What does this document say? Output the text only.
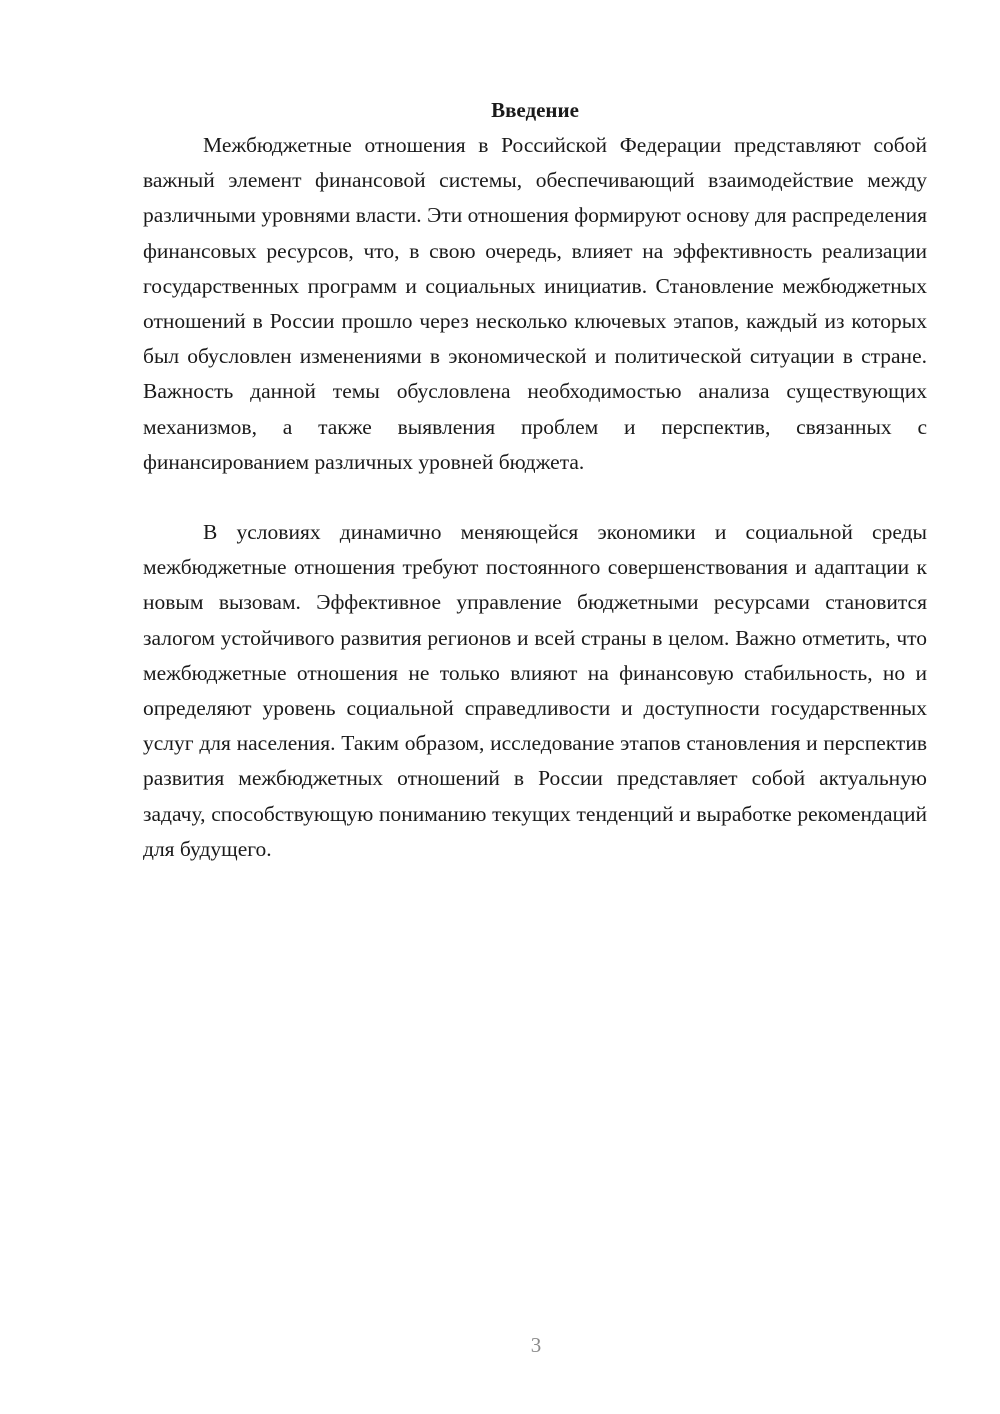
Введение

Межбюджетные отношения в Российской Федерации представляют собой важный элемент финансовой системы, обеспечивающий взаимодействие между различными уровнями власти. Эти отношения формируют основу для распределения финансовых ресурсов, что, в свою очередь, влияет на эффективность реализации государственных программ и социальных инициатив. Становление межбюджетных отношений в России прошло через несколько ключевых этапов, каждый из которых был обусловлен изменениями в экономической и политической ситуации в стране. Важность данной темы обусловлена необходимостью анализа существующих механизмов, а также выявления проблем и перспектив, связанных с финансированием различных уровней бюджета.

В условиях динамично меняющейся экономики и социальной среды межбюджетные отношения требуют постоянного совершенствования и адаптации к новым вызовам. Эффективное управление бюджетными ресурсами становится залогом устойчивого развития регионов и всей страны в целом. Важно отметить, что межбюджетные отношения не только влияют на финансовую стабильность, но и определяют уровень социальной справедливости и доступности государственных услуг для населения. Таким образом, исследование этапов становления и перспектив развития межбюджетных отношений в России представляет собой актуальную задачу, способствующую пониманию текущих тенденций и выработке рекомендаций для будущего.

3
